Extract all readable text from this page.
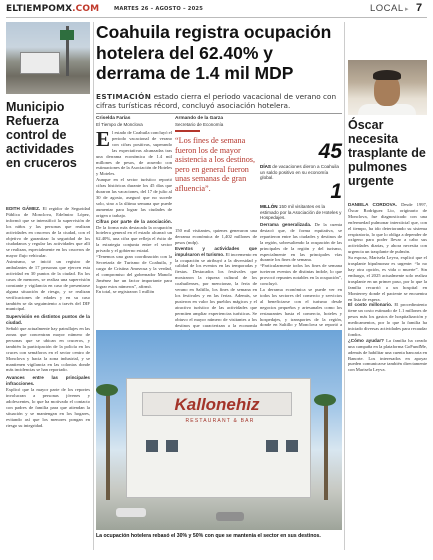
ELTIEMPOMX.COM	MARTES 26 – AGOSTO – 2025	LOCAL ▸ 7
Municipio Refuerza control de actividades en cruceros

EDITH GÁMEZ. El regidor de Seguridad Pública de Monclova, Edelmiro López, informó que se intensificó la supervisión de los niños y las personas que realizan actividades en cruceros de la ciudad, con el objetivo de garantizar la seguridad de los ciudadanos y regular las actividades que allí se realizan, especialmente en los cruceros de mayor flujo vehicular.

Asimismo, se inició un registro de ambulantes de 17 personas que ejercen esta actividad en 30 puntos de la ciudad. En los casos de menores, se realiza una supervisión constante y vigilancia en caso de presentarse alguna situación de riesgo, y se realizan verificaciones de edades y en su caso también se da seguimiento a través del DIF municipal.

Supervisión en distintos puntos de la ciudad.
Señaló que actualmente hay patrullajes en las zonas que concentran mayor número de personas que se ubican en cruceros, y también la participación de la policía en los cruces con semáforos en el sector centro de Monclova y hacia la zona industrial, y se mantienen vigilancia en las colonias donde más incidencias se han reportado.

Avances entre las principales infracciones.
Explicó que la mayor parte de los reportes involucran a personas jóvenes y adolescentes, lo que ha motivado el contacto con padres de familia para que atiendan la situación y se mantengan en los hogares, evitando así que los menores pongan en riesgo su integridad.

Coahuila registra ocupación
hotelera del 62.40% y
derrama de 1.4 mil MDP
ESTIMACIÓN estado cierra el periodo vacacional de verano con cifras turísticas récord, concluyó asociación hotelera.
Criselda Farías
El Tiempo de Monclova
Armando de la Garza
Secretario de Economía

El estado de Coahuila concluyó el periodo vacacional de verano con cifras positivas, superando las expectativas alcanzadas tras una derrama económica de 1.4 mil millones de pesos, de acuerdo con estimaciones de la Asociación de Hoteles y Moteles.

Aunque en el sector turístico reportó cifras históricas durante los 45 días que duraron las vacaciones, del 17 de julio al 30 de agosto, aseguró que no sucede solo, sino a la última semana que puede aumentar para lograr las ciudades de origen o trabajo.

Cifras por parte de la asociación. De la forma más destacada la ocupación hotelera general en el estado alcanzó un 62.40%, una cifra que refleja el éxito de la estrategia conjunta entre el sector privado y el gobierno estatal.

“Tenemos una gran coordinación con la Secretaría de Turismo de Coahuila, y cargo de Cristina Amezcua y la verdad, el compromiso del gobernador Manolo Jiménez fue un factor importante para lograr estos números”, afirmó.

En total, se registraron 1 millón

“Los fines de semana fueron los de mayor asistencia a los destinos, pero en general fueron unas semanas de gran afluencia”.

150 mil visitantes, quienes generaron una derrama económica de 1,402 millones de pesos (mdp).

Eventos y actividades que impulsaron el turismo. El incremento en la ocupación se atribuyó a la diversidad y calidad de los eventos en las temporadas y fiestas. Destacados los festivales que mostraron la riqueza cultural de los coahuilenses, por mencionar, la feria de verano en Saltillo, los fines de semana en los festivales y en las ferias. Además, se pusieron en valor los pueblos mágicos y el atractivo turístico de las actividades que permiten ampliar experiencias turísticas. Se obtuvo el mayor número de visitantes a los destinos que caracterizan a la economía

45
DÍAS de vacaciones dieron a Coahuila un saldo positivo en su economía global.
1
MILLÓN 150 mil visitantes es la estimado por la Asociación de Hoteles y Hospedajes.

Derrama generalizada. De la cuenta destacó que, de forma equitativa, se repartieron entre las ciudades y destinos de la región, sobresaliendo la ocupación de las principales de la región y del turismo, especialmente en las principales vías durante los fines de semana.

“Particularmente todos los fines de semana tuvieron eventos de distintas índole, lo que provocó repuntes notables en la ocupación”, concluyó.

La derrama económica se puede ver en todos los sectores del comercio y servicios al beneficiarse con el turismo desde negocios pequeños y artesanales como los restaurantes hasta el comercio, hoteles y hospedajes, y transportes de la región, donde en Saltillo y Monclova se reportó a

Kallonehiz
RESTAURANT & BAR
La ocupación hotelera rebasó el 30% y 50% con que se mantenía el sector en sus destinos.
Óscar necesita trasplante de pulmones urgente

DANIELA CORDOVA. Desde 1997, Óscar Rodríguez Lio, originario de Monclova, fue diagnosticado con una enfermedad pulmonar intersticial que, con el tiempo, ha ido deteriorando su sistema respiratorio, lo que lo obliga a depender de oxígeno para poder llevar a cabo sus actividades diarias, y ahora necesita con urgencia un trasplante de pulmón.

Su esposa, Marisela Leyva, explicó que el trasplante bipulmonar es urgente: “lo no hay otra opción, es vida o muerte”. Sin embargo, el 2025 actualmente solo realiza trasplante en un primer paso, por lo que la familia recurrió a un hospital en Monterrey donde el paciente se encuentra en lista de espera.

El costo millonario. El procedimiento tiene un costo estimado de 1.1 millones de pesos más los gastos de hospitalización y medicamentos, por lo que la familia ha iniciado diversas actividades para recaudar fondos.

¿Cómo ayudar? La familia ha creado una campaña en la plataforma GoFundMe, además de habilitar una cuenta bancaria en Banorte. Los interesados en apoyar pueden comunicarse también directamente con Marisela Leyva.
